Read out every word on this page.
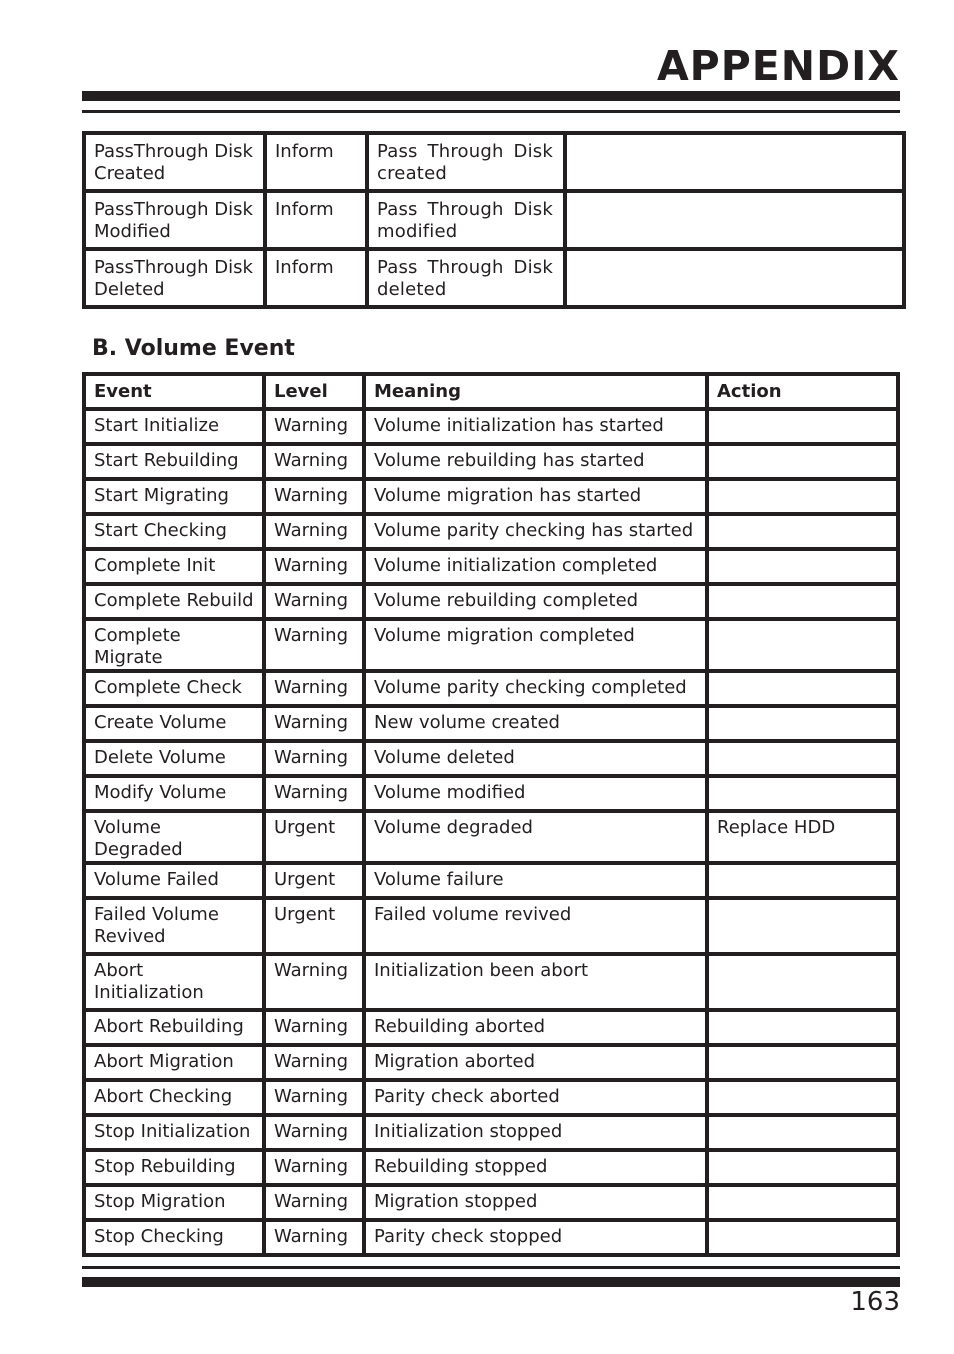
APPENDIX
PassThrough Disk Created	Inform	Pass Through Disk created	
PassThrough Disk Modified	Inform	Pass Through Disk modified	
PassThrough Disk Deleted	Inform	Pass Through Disk deleted	
B. Volume Event
Event	Level	Meaning	Action
Start Initialize	Warning	Volume initialization has started	
Start Rebuilding	Warning	Volume rebuilding has started	
Start Migrating	Warning	Volume migration has started	
Start Checking	Warning	Volume parity checking has started	
Complete Init	Warning	Volume initialization completed	
Complete Rebuild	Warning	Volume rebuilding completed	
Complete Migrate	Warning	Volume migration completed	
Complete Check	Warning	Volume parity checking completed	
Create Volume	Warning	New volume created	
Delete Volume	Warning	Volume deleted	
Modify Volume	Warning	Volume modified	
Volume Degraded	Urgent	Volume degraded	Replace HDD
Volume Failed	Urgent	Volume failure	
Failed Volume Revived	Urgent	Failed volume revived	
Abort Initialization	Warning	Initialization been abort	
Abort Rebuilding	Warning	Rebuilding aborted	
Abort Migration	Warning	Migration aborted	
Abort Checking	Warning	Parity check aborted	
Stop Initialization	Warning	Initialization stopped	
Stop Rebuilding	Warning	Rebuilding stopped	
Stop Migration	Warning	Migration stopped	
Stop Checking	Warning	Parity check stopped	
163
